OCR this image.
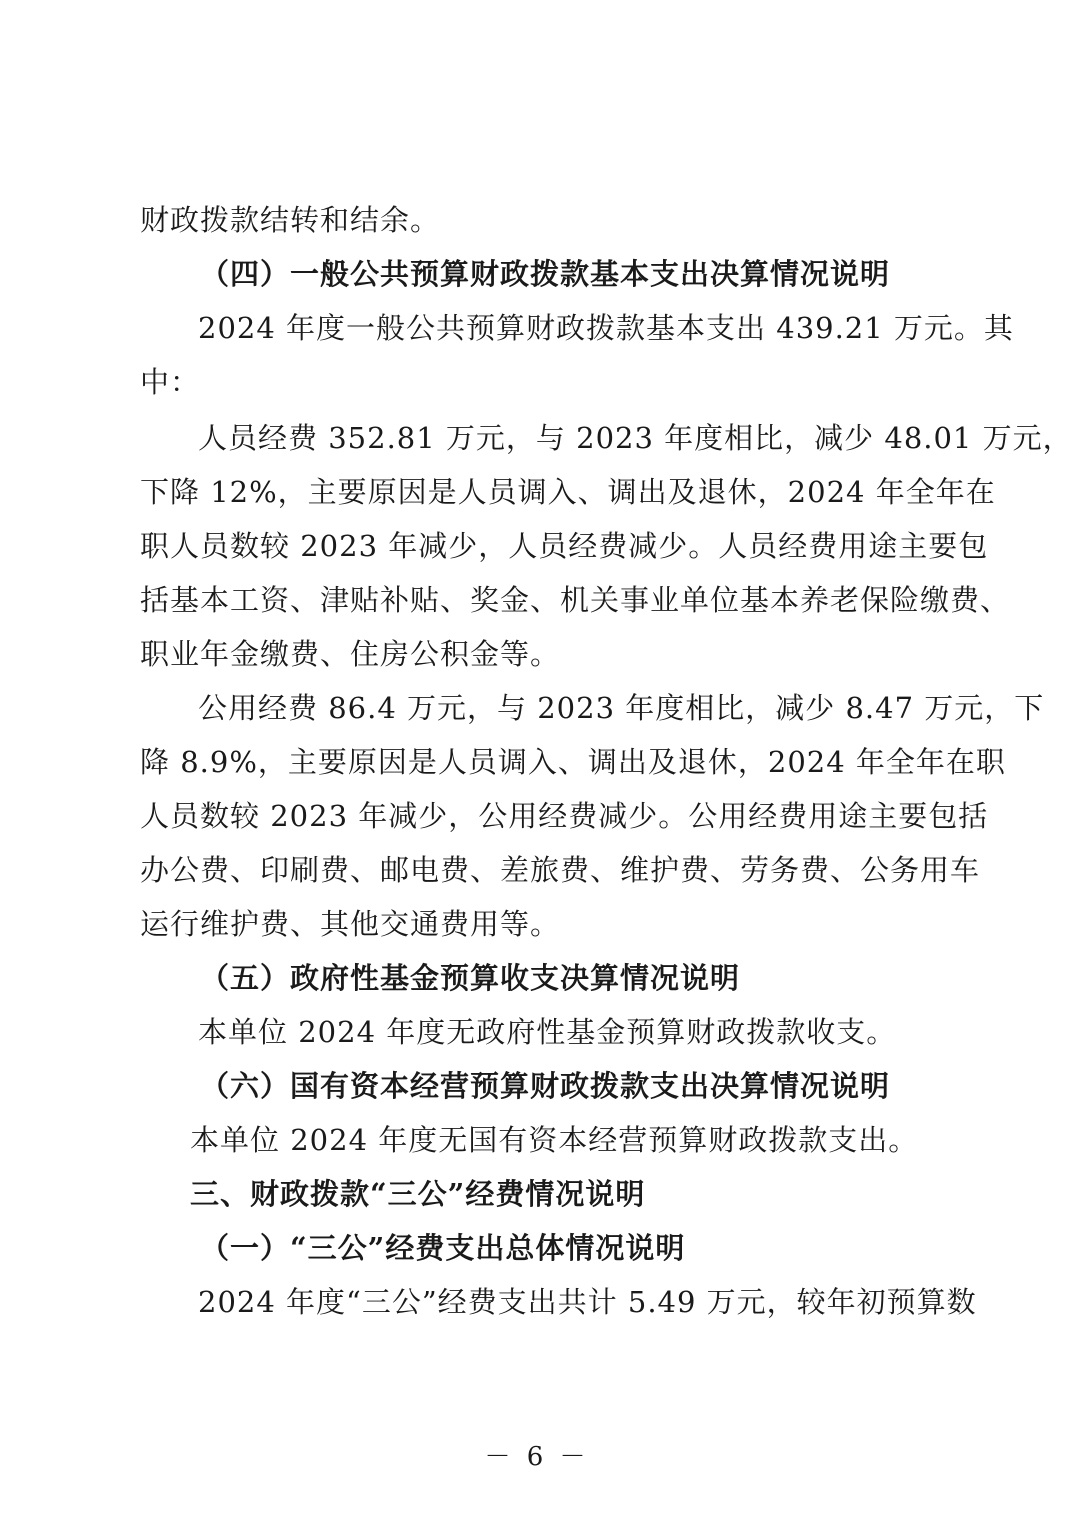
财政拨款结转和结余。
（四）一般公共预算财政拨款基本支出决算情况说明
2024 年度一般公共预算财政拨款基本支出 439.21 万元。其
中：
人员经费 352.81 万元，与 2023 年度相比，减少 48.01 万元，
下降 12%，主要原因是人员调入、调出及退休，2024 年全年在
职人员数较 2023 年减少，人员经费减少。人员经费用途主要包
括基本工资、津贴补贴、奖金、机关事业单位基本养老保险缴费、
职业年金缴费、住房公积金等。
公用经费 86.4 万元，与 2023 年度相比，减少 8.47 万元，下
降 8.9%，主要原因是人员调入、调出及退休，2024 年全年在职
人员数较 2023 年减少，公用经费减少。公用经费用途主要包括
办公费、印刷费、邮电费、差旅费、维护费、劳务费、公务用车
运行维护费、其他交通费用等。
（五）政府性基金预算收支决算情况说明
本单位 2024 年度无政府性基金预算财政拨款收支。
（六）国有资本经营预算财政拨款支出决算情况说明
本单位 2024 年度无国有资本经营预算财政拨款支出。
三、财政拨款“三公”经费情况说明
（一）“三公”经费支出总体情况说明
2024 年度“三公”经费支出共计 5.49 万元，较年初预算数
－ 6 －
